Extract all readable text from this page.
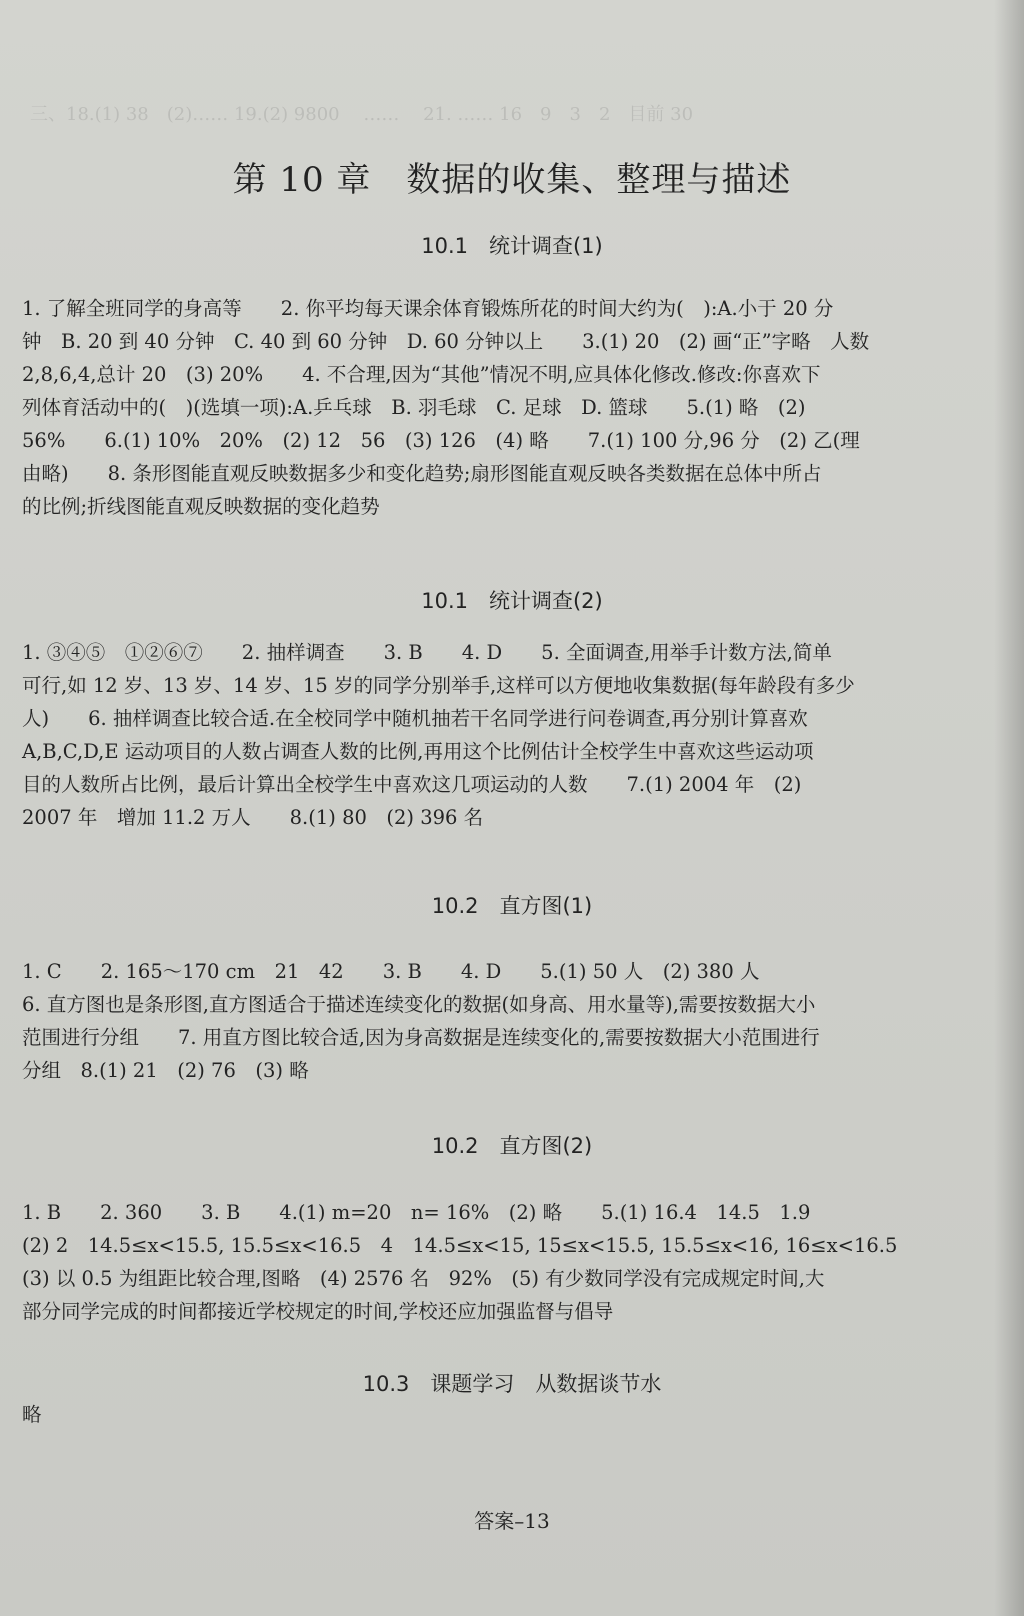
三、18.(1) 38　(2)…… 19.(2) 9800 　…… 　21. …… 16　9　3　2　目前 30
第 10 章　数据的收集、整理与描述
10.1　统计调查(1)
1. 了解全班同学的身高等　　2. 你平均每天课余体育锻炼所花的时间大约为(　):A.小于 20 分
钟　B. 20 到 40 分钟　C. 40 到 60 分钟　D. 60 分钟以上　　3.(1) 20　(2) 画“正”字略　人数
2,8,6,4,总计 20　(3) 20%　　4. 不合理,因为“其他”情况不明,应具体化修改.修改:你喜欢下
列体育活动中的(　)(选填一项):A.乒乓球　B. 羽毛球　C. 足球　D. 篮球　　5.(1) 略　(2)
56%　　6.(1) 10%　20%　(2) 12　56　(3) 126　(4) 略　　7.(1) 100 分,96 分　(2) 乙(理
由略)　　8. 条形图能直观反映数据多少和变化趋势;扇形图能直观反映各类数据在总体中所占
的比例;折线图能直观反映数据的变化趋势
10.1　统计调查(2)
1. ③④⑤　①②⑥⑦　　2. 抽样调查　　3. B　　4. D　　5. 全面调查,用举手计数方法,简单
可行,如 12 岁、13 岁、14 岁、15 岁的同学分别举手,这样可以方便地收集数据(每年龄段有多少
人)　　6. 抽样调查比较合适.在全校同学中随机抽若干名同学进行问卷调查,再分别计算喜欢
A,B,C,D,E 运动项目的人数占调查人数的比例,再用这个比例估计全校学生中喜欢这些运动项
目的人数所占比例，最后计算出全校学生中喜欢这几项运动的人数　　7.(1) 2004 年　(2)
2007 年　增加 11.2 万人　　8.(1) 80　(2) 396 名
10.2　直方图(1)
1. C　　2. 165～170 cm　21　42　　3. B　　4. D　　5.(1) 50 人　(2) 380 人
6. 直方图也是条形图,直方图适合于描述连续变化的数据(如身高、用水量等),需要按数据大小
范围进行分组　　7. 用直方图比较合适,因为身高数据是连续变化的,需要按数据大小范围进行
分组　8.(1) 21　(2) 76　(3) 略
10.2　直方图(2)
1. B　　2. 360　　3. B　　4.(1) m=20　n= 16%　(2) 略　　5.(1) 16.4　14.5　1.9
(2) 2　14.5≤x<15.5, 15.5≤x<16.5　4　14.5≤x<15, 15≤x<15.5, 15.5≤x<16, 16≤x<16.5
(3) 以 0.5 为组距比较合理,图略　(4) 2576 名　92%　(5) 有少数同学没有完成规定时间,大
部分同学完成的时间都接近学校规定的时间,学校还应加强监督与倡导
10.3　课题学习　从数据谈节水
略
答案–13
